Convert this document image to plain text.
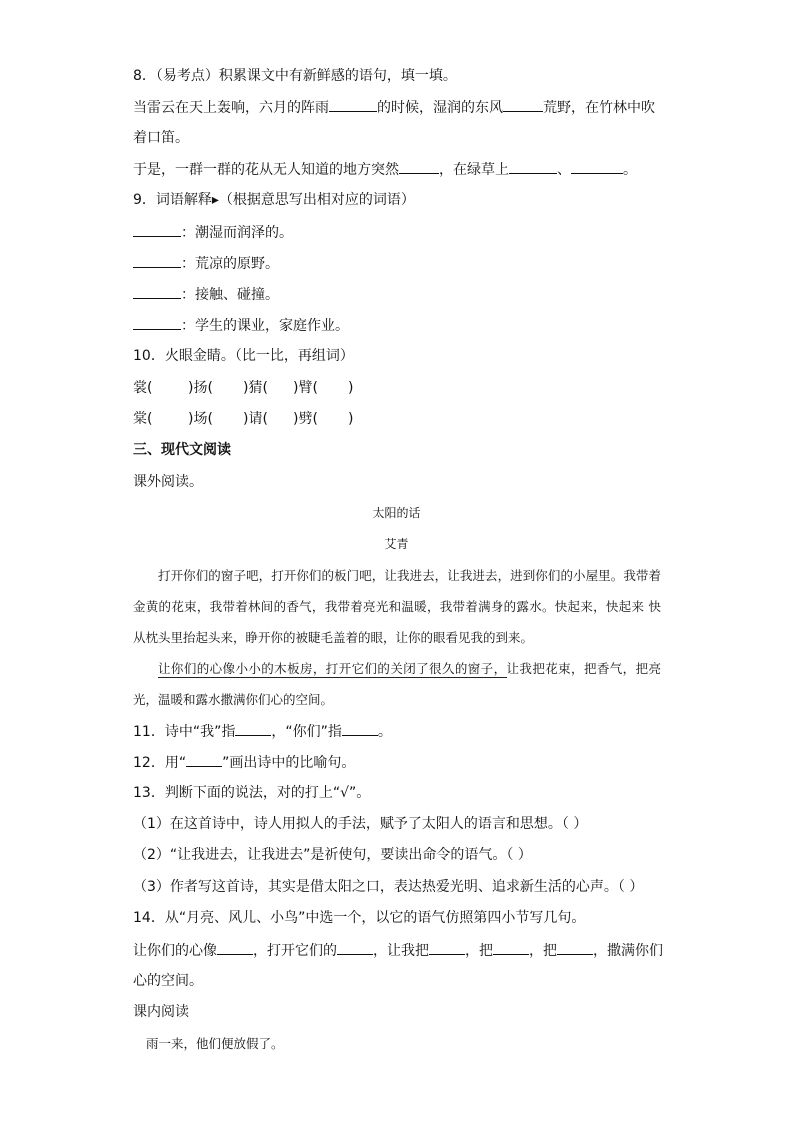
8．（易考点）积累课文中有新鲜感的语句，填一填。
当雷云在天上轰响，六月的阵雨	的时候，湿润的东风	荒野，在竹林中吹
着口笛。
于是，一群一群的花从无人知道的地方突然	，在绿草上	、	。
9．词语解释▸（根据意思写出相对应的词语）
：潮湿而润泽的。
：荒凉的原野。
：接触、碰撞。
：学生的课业，家庭作业。
10．火眼金睛。（比一比，再组词）
裳(	)扬( )猜( )臂( )
棠(	)场( )请( )劈( )
三、现代文阅读
课外阅读。
太阳的话
艾青

打开你们的窗子吧，打开你们的板门吧，让我进去，让我进去，进到你们的小屋里。我带着金黄的花束，我带着林间的香气，我带着亮光和温暖，我带着满身的露水。快起来，快起来 快从枕头里抬起头来，睁开你的被睫毛盖着的眼，让你的眼看见我的到来。

让你们的心像小小的木板房，打开它们的关闭了很久的窗子，让我把花束，把香气，把亮光，温暖和露水撒满你们心的空间。

11．诗中“我”指	，“你们”指	。
12．用“	”画出诗中的比喻句。
13．判断下面的说法，对的打上“√”。
（1）在这首诗中，诗人用拟人的手法，赋予了太阳人的语言和思想。（ ）
（2）“让我进去，让我进去”是祈使句，要读出命令的语气。（ ）
（3）作者写这首诗，其实是借太阳之口，表达热爱光明、追求新生活的心声。（ ）
14．从“月亮、风儿、小鸟”中选一个，以它的语气仿照第四小节写几句。
让你们的心像	，打开它们的	，让我把	，把	，把	，撒满你们
心的空间。
课内阅读
雨一来，他们便放假了。
